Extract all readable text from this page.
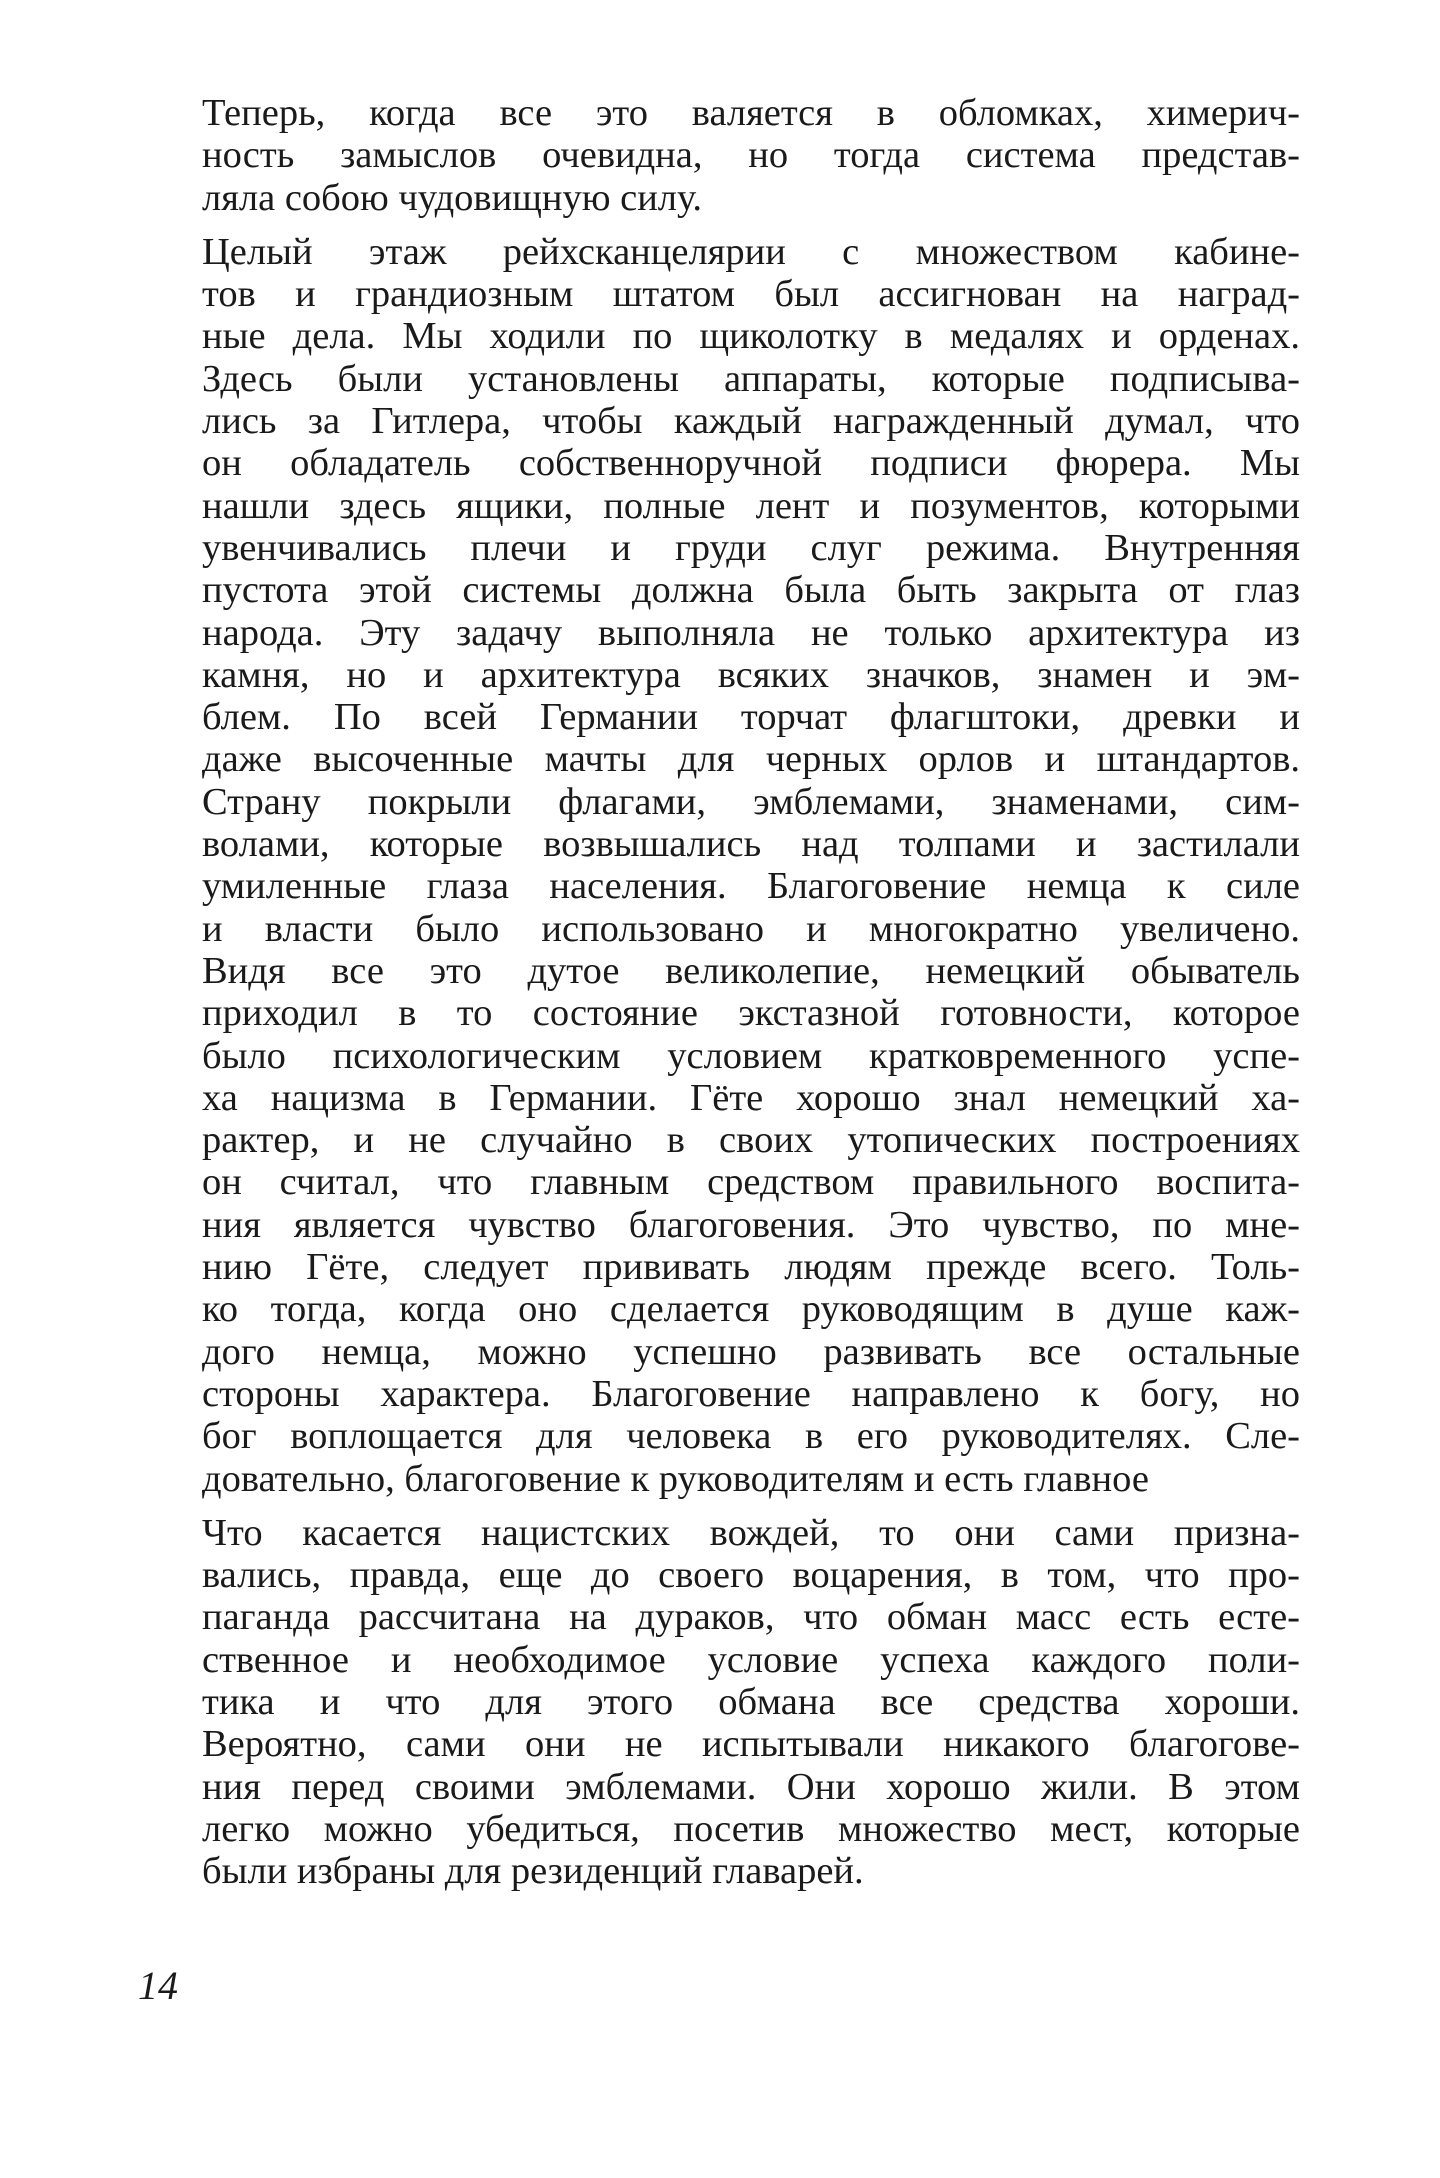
Теперь, когда все это валяется в обломках, химерич-
ность замыслов очевидна, но тогда система представ-
ляла собою чудовищную силу.

Целый этаж рейхсканцелярии с множеством кабине-
тов и грандиозным штатом был ассигнован на наград-
ные дела. Мы ходили по щиколотку в медалях и орденах.
Здесь были установлены аппараты, которые подписыва-
лись за Гитлера, чтобы каждый награжденный думал, что
он обладатель собственноручной подписи фюрера. Мы
нашли здесь ящики, полные лент и позументов, которыми
увенчивались плечи и груди слуг режима. Внутренняя
пустота этой системы должна была быть закрыта от глаз
народа. Эту задачу выполняла не только архитектура из
камня, но и архитектура всяких значков, знамен и эм-
блем. По всей Германии торчат флагштоки, древки и
даже высоченные мачты для черных орлов и штандартов.
Страну покрыли флагами, эмблемами, знаменами, сим-
волами, которые возвышались над толпами и застилали
умиленные глаза населения. Благоговение немца к силе
и власти было использовано и многократно увеличено.
Видя все это дутое великолепие, немецкий обыватель
приходил в то состояние экстазной готовности, которое
было психологическим условием кратковременного успе-
ха нацизма в Германии. Гёте хорошо знал немецкий ха-
рактер, и не случайно в своих утопических построениях
он считал, что главным средством правильного воспита-
ния является чувство благоговения. Это чувство, по мне-
нию Гёте, следует прививать людям прежде всего. Толь-
ко тогда, когда оно сделается руководящим в душе каж-
дого немца, можно успешно развивать все остальные
стороны характера. Благоговение направлено к богу, но
бог воплощается для человека в его руководителях. Сле-
довательно, благоговение к руководителям и есть главное

Что касается нацистских вождей, то они сами призна-
вались, правда, еще до своего воцарения, в том, что про-
паганда рассчитана на дураков, что обман масс есть есте-
ственное и необходимое условие успеха каждого поли-
тика и что для этого обмана все средства хороши.
Вероятно, сами они не испытывали никакого благогове-
ния перед своими эмблемами. Они хорошо жили. В этом
легко можно убедиться, посетив множество мест, которые
были избраны для резиденций главарей.

14
